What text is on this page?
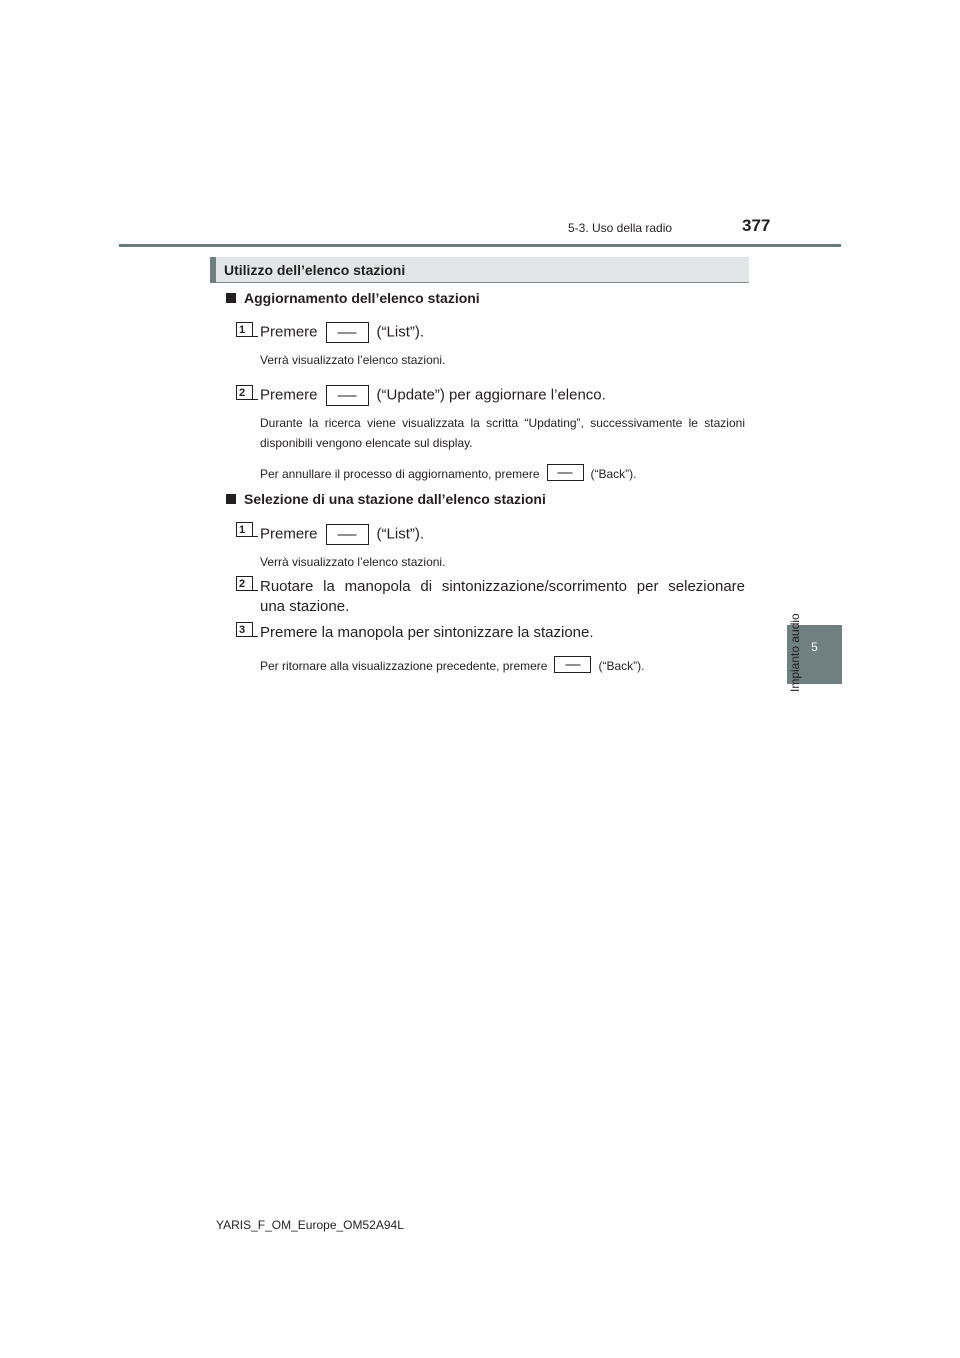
5-3. Uso della radio	377
5
Impianto audio
Utilizzo dell’elenco stazioni
Aggiornamento dell’elenco stazioni
1 Premere	(“List”).
Verrà visualizzato l’elenco stazioni.
2 Premere	(“Update”) per aggiornare l’elenco.
Durante la ricerca viene visualizzata la scritta “Updating”, successivamente le stazioni disponibili vengono elencate sul display.
Per annullare il processo di aggiornamento, premere	(“Back”).
Selezione di una stazione dall’elenco stazioni
1 Premere	(“List”).
Verrà visualizzato l’elenco stazioni.
2 Ruotare la manopola di sintonizzazione/scorrimento per selezionare
una stazione.
3 Premere la manopola per sintonizzare la stazione.
Per ritornare alla visualizzazione precedente, premere	(“Back”).
YARIS_F_OM_Europe_OM52A94L
